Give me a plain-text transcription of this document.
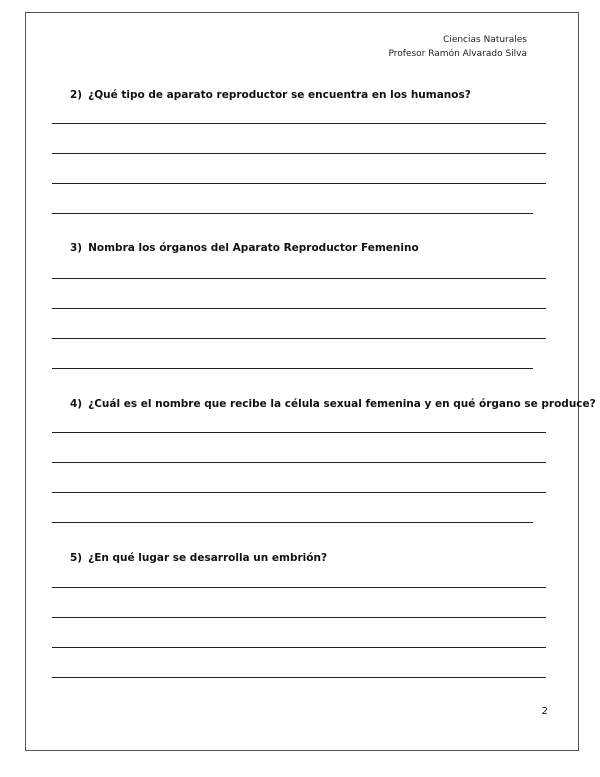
Ciencias Naturales
Profesor Ramón Alvarado Silva
2) ¿Qué tipo de aparato reproductor se encuentra en los humanos?
3) Nombra los órganos del Aparato Reproductor Femenino
4) ¿Cuál es el nombre que recibe la célula sexual femenina y en qué órgano se produce?
5) ¿En qué lugar se desarrolla un embrión?
2
